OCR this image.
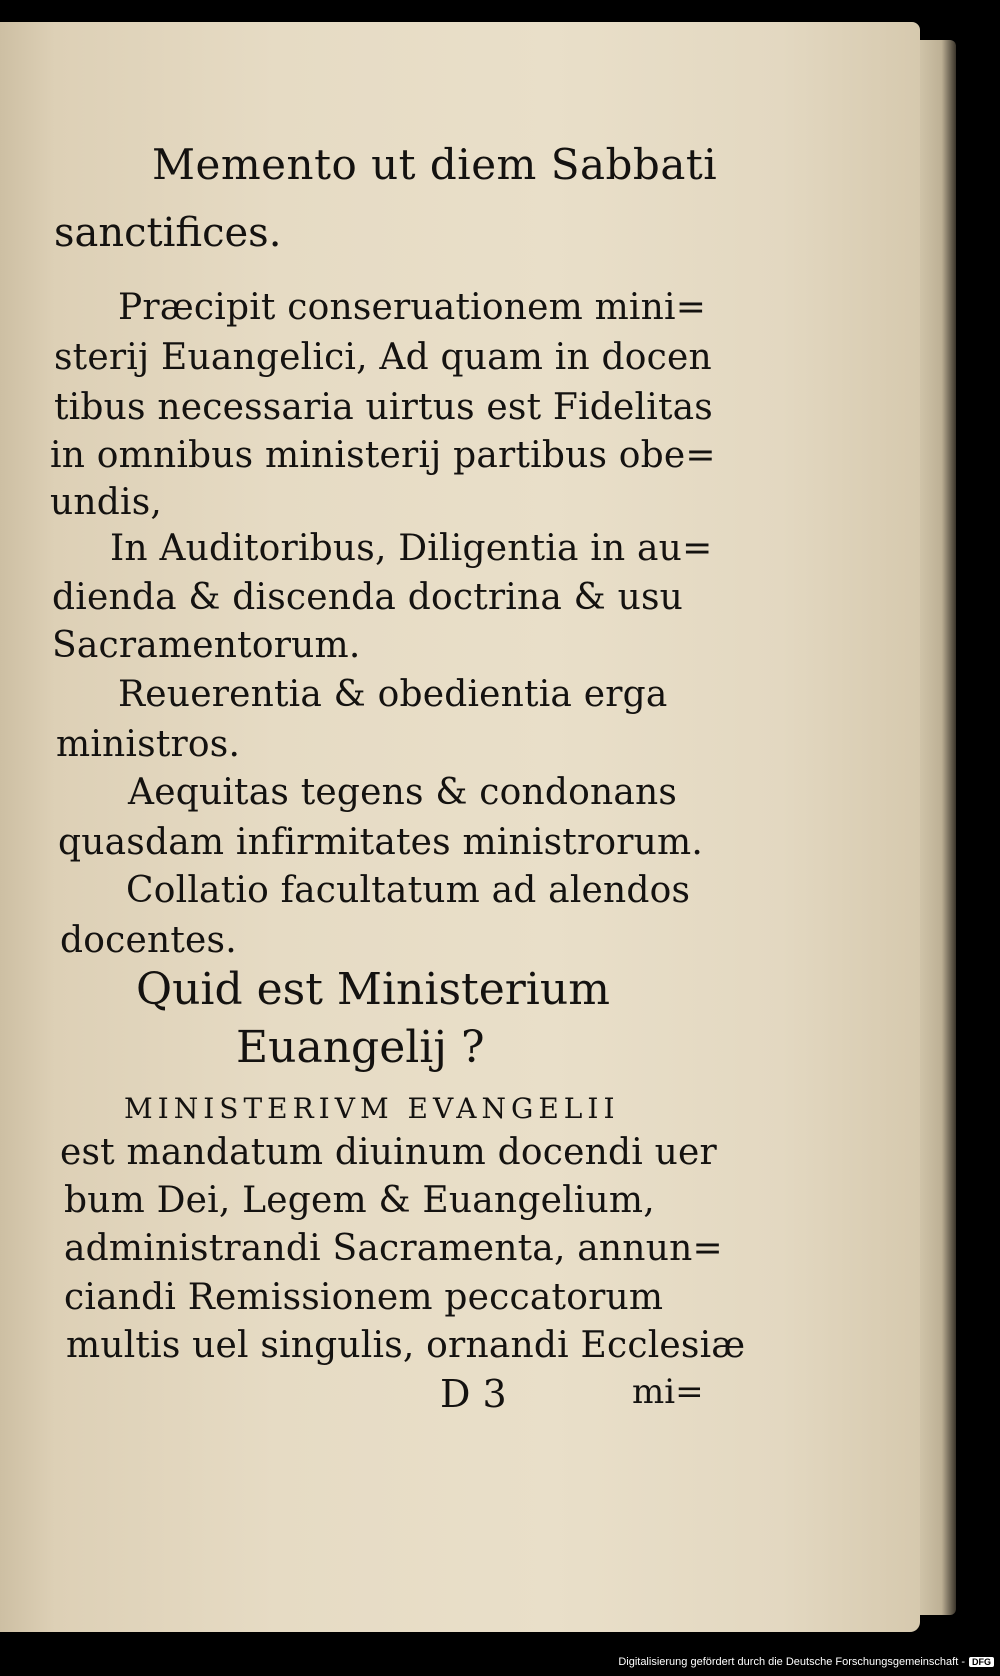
Memento ut diem Sabbati
sanctifices.
Præcipit conseruationem mini=
sterij Euangelici, Ad quam in docen
tibus necessaria uirtus est Fidelitas
in omnibus ministerij partibus obe=
undis,
In Auditoribus, Diligentia in au=
dienda & discenda doctrina & usu
Sacramentorum.
Reuerentia & obedientia erga
ministros.
Aequitas tegens & condonans
quasdam infirmitates ministrorum.
Collatio facultatum ad alendos
docentes.
Quid est Ministerium
Euangelij ?
MINISTERIVM EVANGELII
est mandatum diuinum docendi uer
bum Dei, Legem & Euangelium,
administrandi Sacramenta, annun=
ciandi Remissionem peccatorum
multis uel singulis, ornandi Ecclesiæ
D 3	mi=
Digitalisierung gefördert durch die Deutsche Forschungsgemeinschaft - DFG
